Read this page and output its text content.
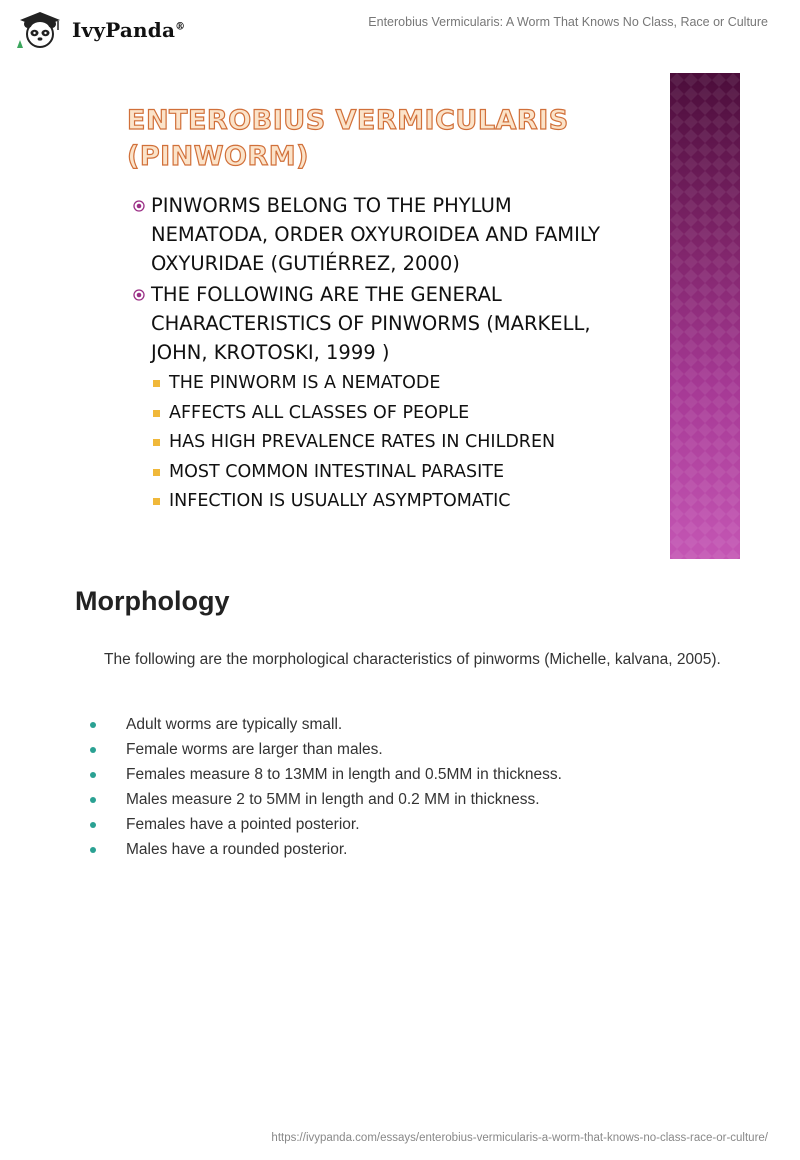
IvyPanda®	Enterobius Vermicularis: A Worm That Knows No Class, Race or Culture
ENTEROBIUS VERMICULARIS
(PINWORM)
PINWORMS BELONG TO THE PHYLUM NEMATODA, ORDER OXYUROIDEA AND FAMILY OXYURIDAE (GUTIÉRREZ, 2000)
THE FOLLOWING ARE THE GENERAL CHARACTERISTICS OF PINWORMS (MARKELL, JOHN, KROTOSKI, 1999 )
THE PINWORM IS A NEMATODE
AFFECTS ALL CLASSES OF PEOPLE
HAS HIGH PREVALENCE RATES IN CHILDREN
MOST COMMON INTESTINAL PARASITE
INFECTION IS USUALLY ASYMPTOMATIC
Morphology

The following are the morphological characteristics of pinworms (Michelle, kalvana, 2005).

Adult worms are typically small.
Female worms are larger than males.
Females measure 8 to 13MM in length and 0.5MM in thickness.
Males measure 2 to 5MM in length and 0.2 MM in thickness.
Females have a pointed posterior.
Males have a rounded posterior.
https://ivypanda.com/essays/enterobius-vermicularis-a-worm-that-knows-no-class-race-or-culture/
